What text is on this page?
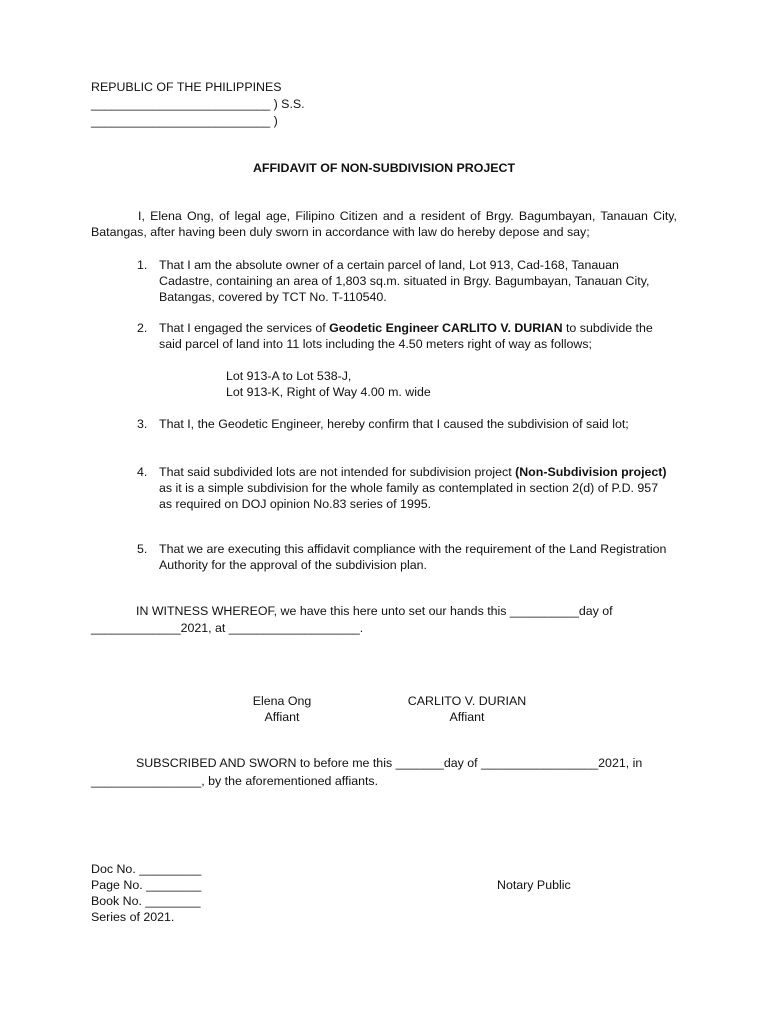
REPUBLIC OF THE PHILIPPINES

__________________________ ) S.S.

__________________________ )

AFFIDAVIT OF NON-SUBDIVISION PROJECT

I, Elena Ong, of legal age, Filipino Citizen and a resident of Brgy. Bagumbayan, Tanauan City, Batangas, after having been duly sworn in accordance with law do hereby depose and say;

1. That I am the absolute owner of a certain parcel of land, Lot 913, Cad-168, Tanauan Cadastre, containing an area of 1,803 sq.m. situated in Brgy. Bagumbayan, Tanauan City, Batangas, covered by TCT No. T-110540.
2. That I engaged the services of Geodetic Engineer CARLITO V. DURIAN to subdivide the said parcel of land into 11 lots including the 4.50 meters right of way as follows;

Lot 913-A to Lot 538-J,

Lot 913-K, Right of Way 4.00 m. wide

3. That I, the Geodetic Engineer, hereby confirm that I caused the subdivision of said lot;
4. That said subdivided lots are not intended for subdivision project (Non-Subdivision project) as it is a simple subdivision for the whole family as contemplated in section 2(d) of P.D. 957 as required on DOJ opinion No.83 series of 1995.
5. That we are executing this affidavit compliance with the requirement of the Land Registration Authority for the approval of the subdivision plan.

IN WITNESS WHEREOF, we have this here unto set our hands this __________day of

_____________2021, at ___________________.

Elena Ong
Affiant
CARLITO V. DURIAN
Affiant

SUBSCRIBED AND SWORN to before me this _______day of _________________2021, in

________________, by the aforementioned affiants.

Doc No. _________

Page No. ________

Book No. ________

Series of 2021.

Notary Public
